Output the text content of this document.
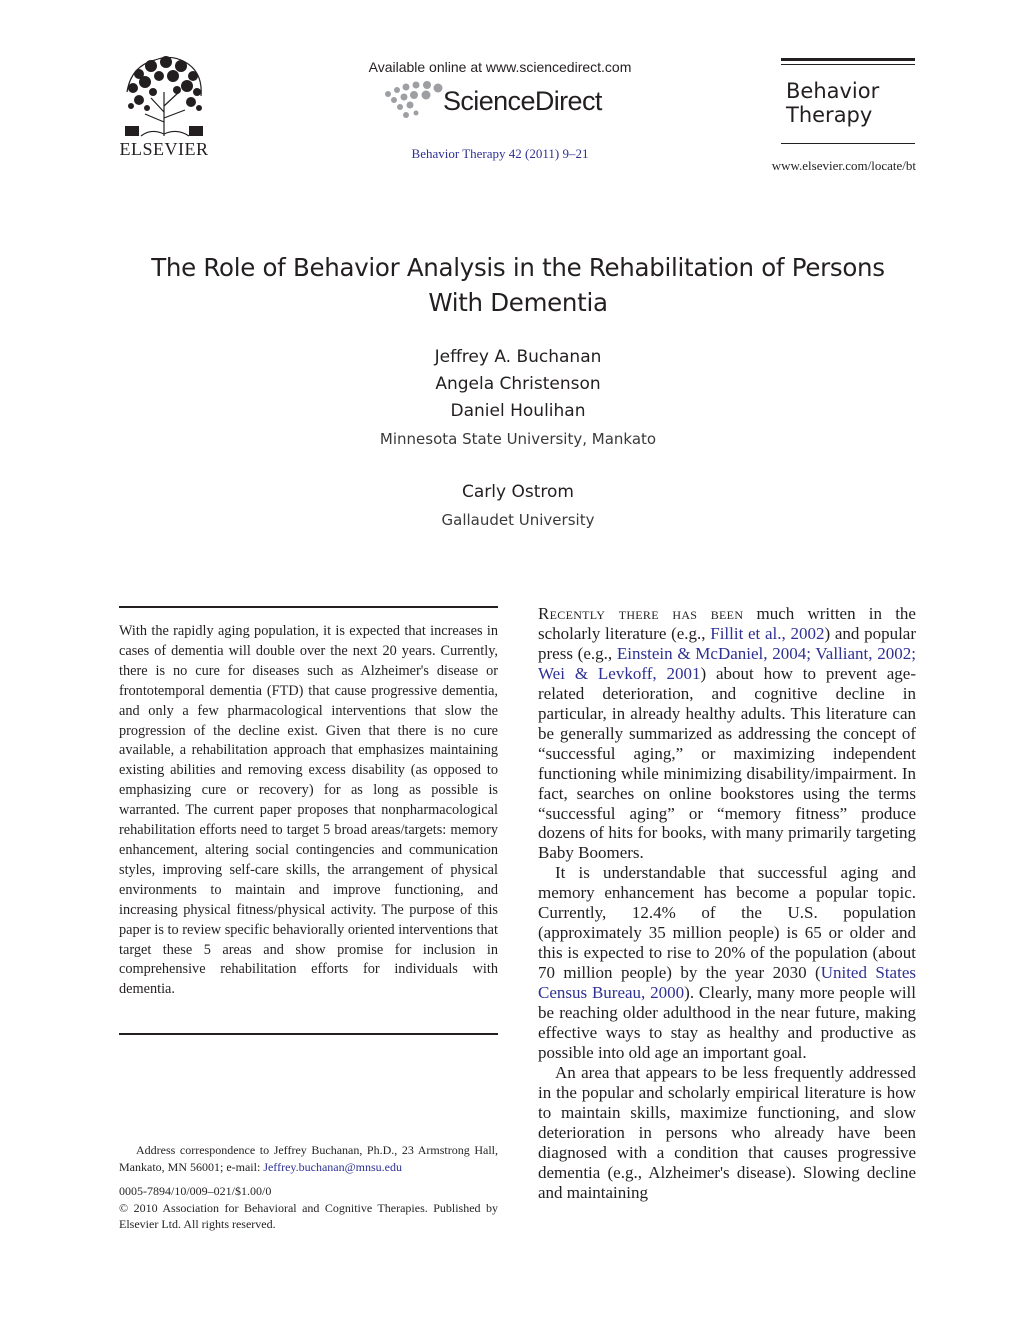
ELSEVIER
Available online at www.sciencedirect.com
ScienceDirect
Behavior Therapy 42 (2011) 9–21
Behavior
Therapy
www.elsevier.com/locate/bt
The Role of Behavior Analysis in the Rehabilitation of Persons
With Dementia
Jeffrey A. Buchanan
Angela Christenson
Daniel Houlihan
Minnesota State University, Mankato
Carly Ostrom
Gallaudet University
With the rapidly aging population, it is expected that increases in cases of dementia will double over the next 20 years. Currently, there is no cure for diseases such as Alzheimer's disease or frontotemporal dementia (FTD) that cause progressive dementia, and only a few pharmacological interventions that slow the progression of the decline exist. Given that there is no cure available, a rehabilitation approach that emphasizes maintaining existing abilities and removing excess disability (as opposed to emphasizing cure or recovery) for as long as possible is warranted. The current paper proposes that nonpharmacological rehabilitation efforts need to target 5 broad areas/targets: memory enhancement, altering social contingencies and communication styles, improving self-care skills, the arrangement of physical environments to maintain and improve functioning, and increasing physical fitness/physical activity. The purpose of this paper is to review specific behaviorally oriented interventions that target these 5 areas and show promise for inclusion in comprehensive rehabilitation efforts for individuals with dementia.

Address correspondence to Jeffrey Buchanan, Ph.D., 23 Armstrong Hall, Mankato, MN 56001; e-mail: Jeffrey.buchanan@mnsu.edu

0005-7894/10/009–021/$1.00/0

© 2010 Association for Behavioral and Cognitive Therapies. Published by Elsevier Ltd. All rights reserved.

Recently there has been much written in the scholarly literature (e.g., Fillit et al., 2002) and popular press (e.g., Einstein & McDaniel, 2004; Valliant, 2002; Wei & Levkoff, 2001) about how to prevent age-related deterioration, and cognitive decline in particular, in already healthy adults. This literature can be generally summarized as addressing the concept of “successful aging,” or maximizing independent functioning while minimizing disability/impairment. In fact, searches on online bookstores using the terms “successful aging” or “memory fitness” produce dozens of hits for books, with many primarily targeting Baby Boomers.

It is understandable that successful aging and memory enhancement has become a popular topic. Currently, 12.4% of the U.S. population (approximately 35 million people) is 65 or older and this is expected to rise to 20% of the population (about 70 million people) by the year 2030 (United States Census Bureau, 2000). Clearly, many more people will be reaching older adulthood in the near future, making effective ways to stay as healthy and productive as possible into old age an important goal.

An area that appears to be less frequently addressed in the popular and scholarly empirical literature is how to maintain skills, maximize functioning, and slow deterioration in persons who already have been diagnosed with a condition that causes progressive dementia (e.g., Alzheimer's disease). Slowing decline and maintaining
